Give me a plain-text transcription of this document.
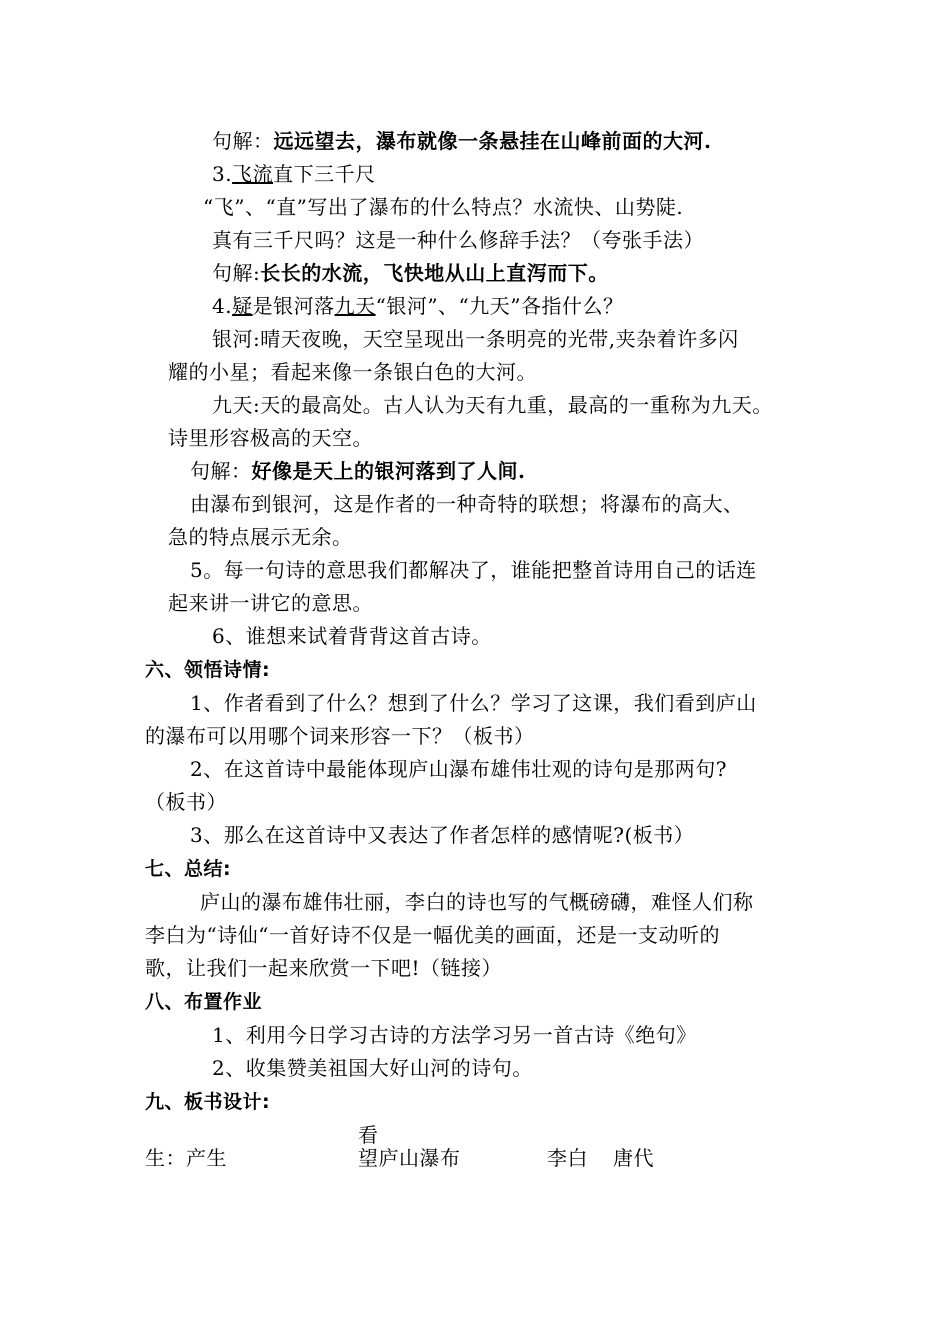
句解：远远望去，瀑布就像一条悬挂在山峰前面的大河.
3.飞流直下三千尺
“飞”、“直”写出了瀑布的什么特点？水流快、山势陡.
真有三千尺吗？这是一种什么修辞手法？（夸张手法）
句解:长长的水流，飞快地从山上直泻而下。
4.疑是银河落九天“银河”、“九天”各指什么？
银河:晴天夜晚，天空呈现出一条明亮的光带,夹杂着许多闪
耀的小星；看起来像一条银白色的大河。
九天:天的最高处。古人认为天有九重，最高的一重称为九天。
诗里形容极高的天空。
句解：好像是天上的银河落到了人间.
由瀑布到银河，这是作者的一种奇特的联想；将瀑布的高大、
急的特点展示无余。
5。每一句诗的意思我们都解决了，谁能把整首诗用自己的话连
起来讲一讲它的意思。
6、谁想来试着背背这首古诗。
六、领悟诗情:
1、作者看到了什么？想到了什么？学习了这课，我们看到庐山
的瀑布可以用哪个词来形容一下？（板书）
2、在这首诗中最能体现庐山瀑布雄伟壮观的诗句是那两句?
（板书）
3、那么在这首诗中又表达了作者怎样的感情呢?(板书）
七、总结:
庐山的瀑布雄伟壮丽，李白的诗也写的气概磅礴，难怪人们称
李白为“诗仙“一首好诗不仅是一幅优美的画面，还是一支动听的
歌，让我们一起来欣赏一下吧!（链接）
八、布置作业
1、利用今日学习古诗的方法学习另一首古诗《绝句》
2、收集赞美祖国大好山河的诗句。
九、板书设计:
看
生：产生	望庐山瀑布	李白 唐代
